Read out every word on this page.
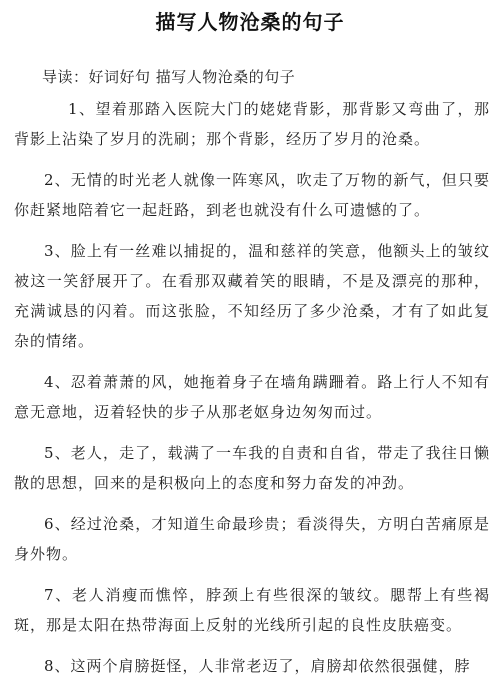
描写人物沧桑的句子
导读：好词好句 描写人物沧桑的句子

1、望着那踏入医院大门的姥姥背影，那背影又弯曲了，那背影上沾染了岁月的洗刷；那个背影，经历了岁月的沧桑。

2、无情的时光老人就像一阵寒风，吹走了万物的新气，但只要你赶紧地陪着它一起赶路，到老也就没有什么可遗憾的了。

3、脸上有一丝难以捕捉的，温和慈祥的笑意，他额头上的皱纹被这一笑舒展开了。在看那双藏着笑的眼睛，不是及漂亮的那种，充满诚恳的闪着。而这张脸，不知经历了多少沧桑，才有了如此复杂的情绪。

4、忍着萧萧的风，她拖着身子在墙角蹒跚着。路上行人不知有意无意地，迈着轻快的步子从那老妪身边匆匆而过。

5、老人，走了，载满了一车我的自责和自省，带走了我往日懒散的思想，回来的是积极向上的态度和努力奋发的冲劲。

6、经过沧桑，才知道生命最珍贵；看淡得失，方明白苦痛原是身外物。

7、老人消瘦而憔悴，脖颈上有些很深的皱纹。腮帮上有些褐斑，那是太阳在热带海面上反射的光线所引起的良性皮肤癌变。

8、这两个肩膀挺怪，人非常老迈了，肩膀却依然很强健，脖
